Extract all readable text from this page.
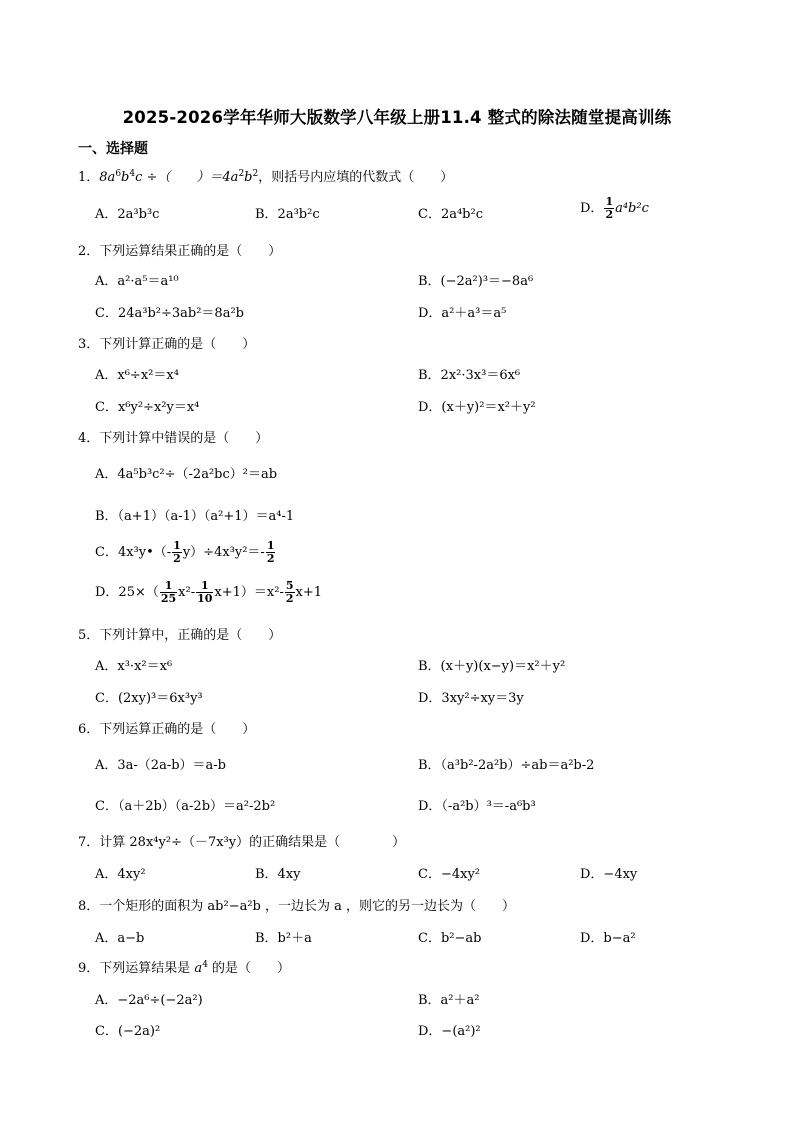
2025-2026学年华师大版数学八年级上册11.4 整式的除法随堂提高训练
一、选择题
1．$8a^6b^4c$ ÷（　　）$=4a^2b^2$，则括号内应填的代数式（　　）
A．2a³b³c	B．2a³b²c	C．2a⁴b²c	D． $\frac{1}{2} a^4b^2c$
2．下列运算结果正确的是（　　）
A．a²·a⁵＝a¹⁰	B．(−2a²)³＝−8a⁶
C．24a³b²÷3ab²＝8a²b	D．a²＋a³＝a⁵
3．下列计算正确的是（　　）
A．x⁶÷x²＝x⁴	B．2x²·3x³＝6x⁶
C．x⁶y²÷x²y＝x⁴	D．(x＋y)²＝x²＋y²
4．下列计算中错误的是（　　）
A．4a⁵b³c²÷（-2a²bc）²＝ab
B．（a+1）（a-1）（a²+1）＝a⁴-1
C．4x³y•（- $\frac{1}{2} y)\div 4x^3y^2=- \frac{1}{2}$
D．$25\times( \frac{1}{25} x^2- \frac{1}{10} x+1)=x^2- \frac{5}{2} x+1$
5．下列计算中，正确的是（　　）
A．x³·x²＝x⁶	B．(x＋y)(x−y)＝x²＋y²
C．(2xy)³＝6x³y³	D．3xy²÷xy＝3y
6．下列运算正确的是（　　）
A．3a-（2a-b）＝a-b	B．（a³b²-2a²b）÷ab＝a²b-2
C．（a＋2b）（a-2b）＝a²-2b²	D．（-a²b）³＝-a⁶b³
7．计算 28x⁴y²÷（－7x³y）的正确结果是（　　　　）
A．4xy²	B．4xy	C．−4xy²	D．−4xy
8．一个矩形的面积为 ab²−a²b ，一边长为 a ，则它的另一边长为（　　）
A．a−b	B．b²＋a	C．b²−ab	D．b−a²
9．下列运算结果是 $a^4$ 的是（　　）
A．−2a⁶÷(−2a²)	B．a²＋a²
C．(−2a)²	D．−(a²)²
